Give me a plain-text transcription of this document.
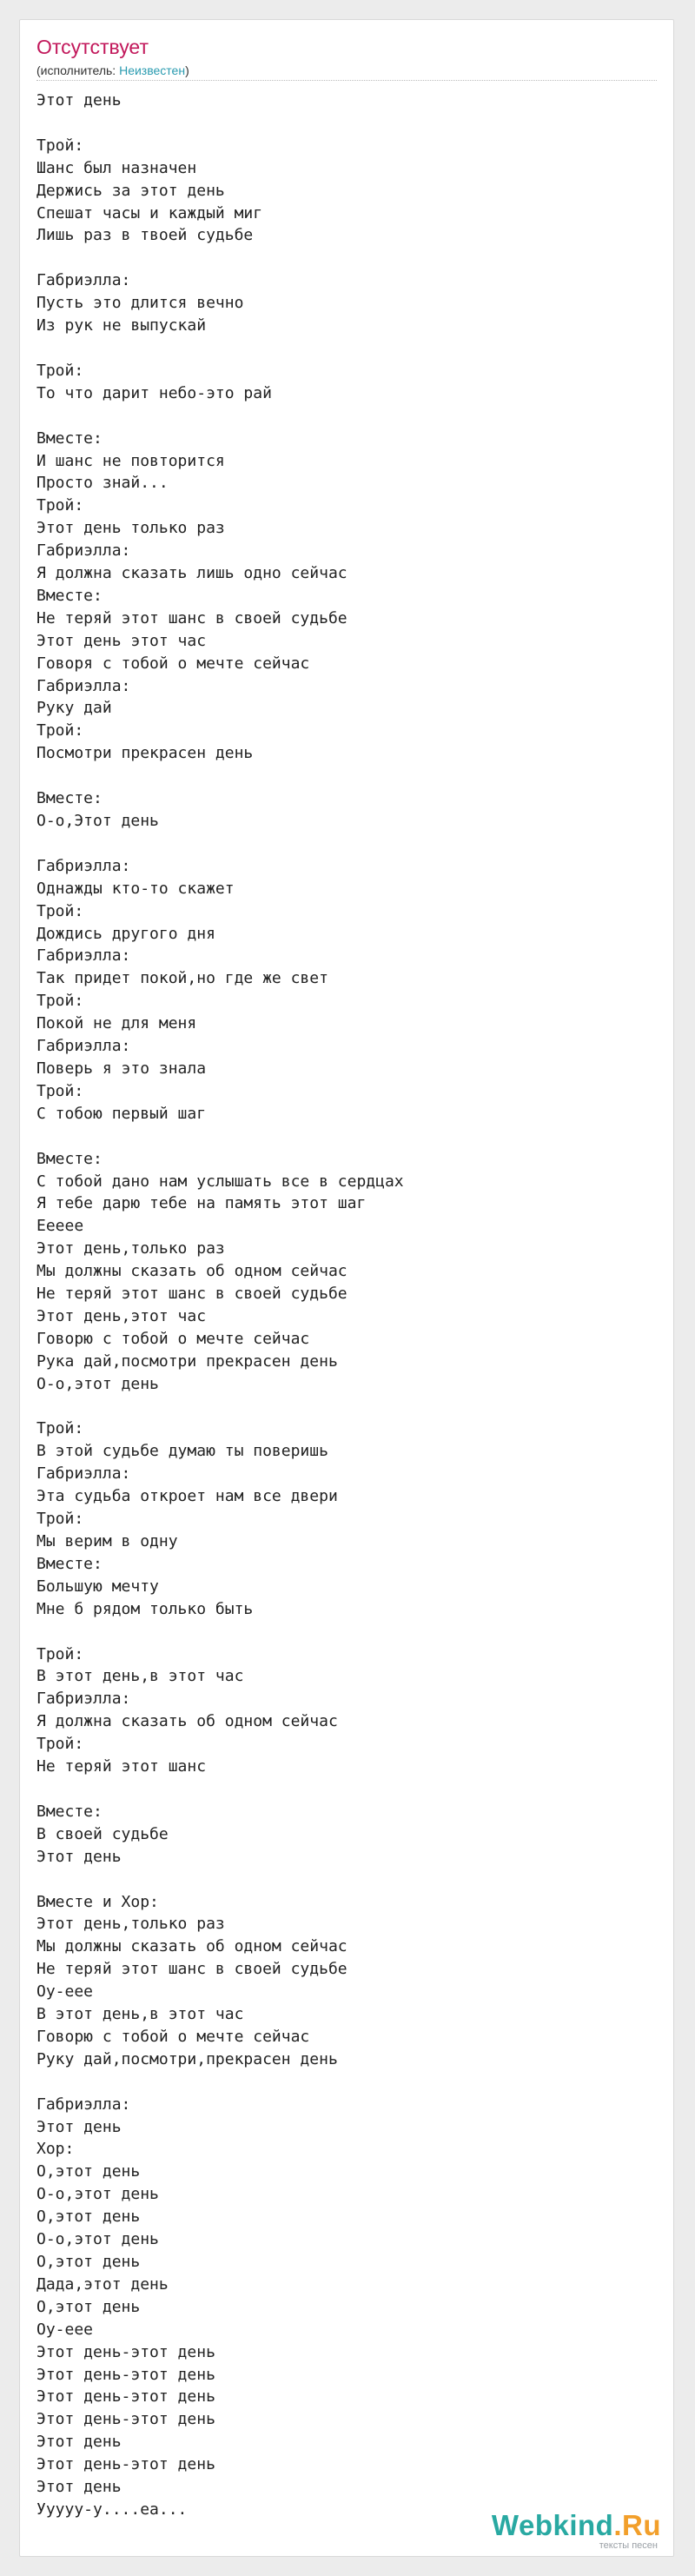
Отсутствует
(исполнитель: Неизвестен)
Этот день

Трой:
Шанс был назначен
Держись за этот день
Спешат часы и каждый миг
Лишь раз в твоей судьбе

Габриэлла:
Пусть это длится вечно
Из рук не выпускай

Трой:
То что дарит небо-это рай

Вместе:
И шанс не повторится
Просто знай...
Трой:
Этот день только раз
Габриэлла:
Я должна сказать лишь одно сейчас
Вместе:
Не теряй этот шанс в своей судьбе
Этот день этот час
Говоря с тобой о мечте сейчас
Габриэлла:
Руку дай
Трой:
Посмотри прекрасен день

Вместе:
О-о,Этот день

Габриэлла:
Однажды кто-то скажет
Трой:
Дождись другого дня
Габриэлла:
Так придет покой,но где же свет
Трой:
Покой не для меня
Габриэлла:
Поверь я это знала
Трой:
С тобою первый шаг

Вместе:
С тобой дано нам услышать все в сердцах
Я тебе дарю тебе на память этот шаг
Еееее
Этот день,только раз
Мы должны сказать об одном сейчас
Не теряй этот шанс в своей судьбе
Этот день,этот час
Говорю с тобой о мечте сейчас
Рука дай,посмотри прекрасен день
О-о,этот день

Трой:
В этой судьбе думаю ты поверишь
Габриэлла:
Эта судьба откроет нам все двери
Трой:
Мы верим в одну
Вместе:
Большую мечту
Мне б рядом только быть

Трой:
В этот день,в этот час
Габриэлла:
Я должна сказать об одном сейчас
Трой:
Не теряй этот шанс

Вместе:
В своей судьбе
Этот день

Вместе и Хор:
Этот день,только раз
Мы должны сказать об одном сейчас
Не теряй этот шанс в своей судьбе
Оу-еее
В этот день,в этот час
Говорю с тобой о мечте сейчас
Руку дай,посмотри,прекрасен день

Габриэлла:
Этот день
Хор:
О,этот день
О-о,этот день
О,этот день
О-о,этот день
О,этот день
Дада,этот день
О,этот день
Оу-еее
Этот день-этот день
Этот день-этот день
Этот день-этот день
Этот день-этот день
Этот день
Этот день-этот день
Этот день
Ууууу-у....еа...	Webkind.Ru
тексты песен
